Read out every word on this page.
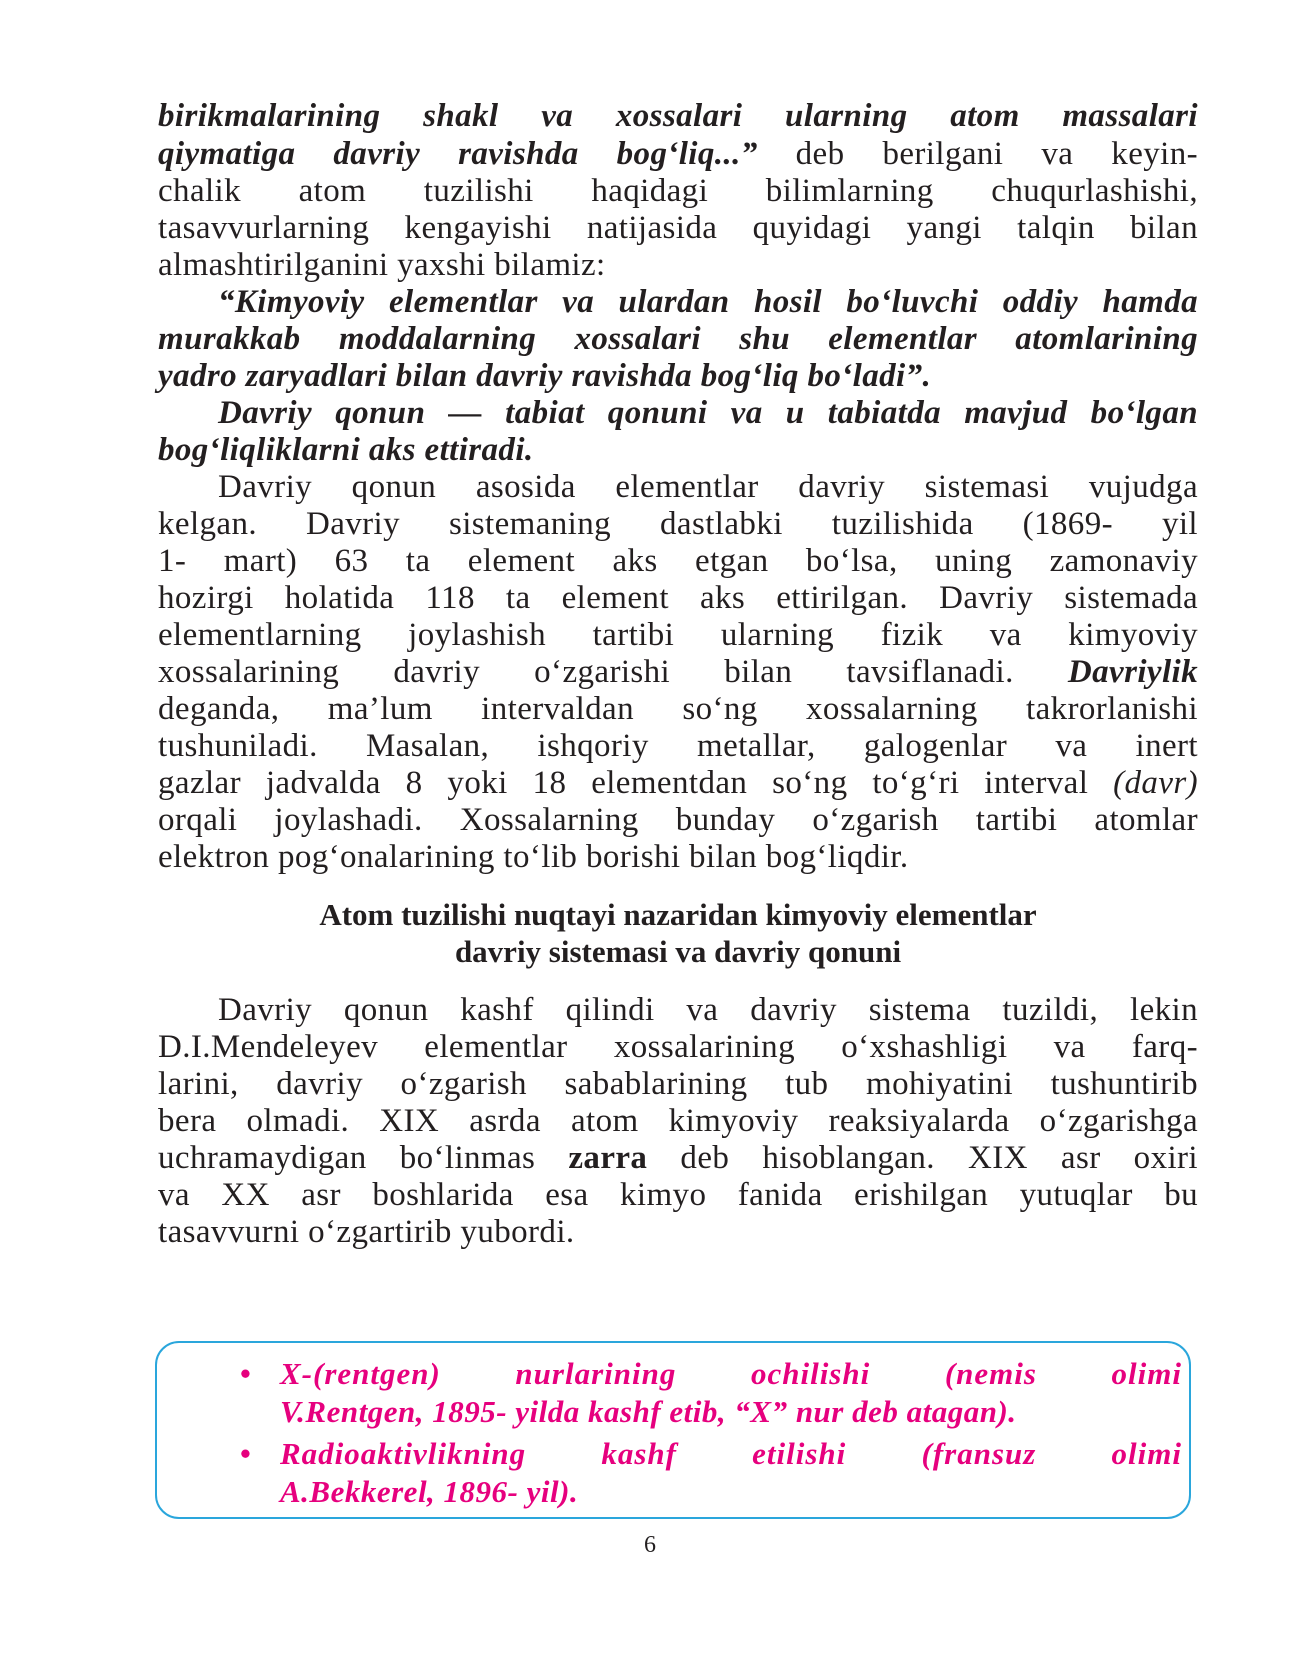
birikmalarining shakl va xossalari ularning atom massalari
qiymatiga davriy ravishda bog‘liq...” deb berilgani va keyin-
chalik atom tuzilishi haqidagi bilimlarning chuqurlashishi,
tasavvurlarning kengayishi natijasida quyidagi yangi talqin bilan
almashtirilganini yaxshi bilamiz:
“Kimyoviy elementlar va ulardan hosil bo‘luvchi oddiy hamda
murakkab moddalarning xossalari shu elementlar atomlarining
yadro zaryadlari bilan davriy ravishda bog‘liq bo‘ladi”.
Davriy qonun — tabiat qonuni va u tabiatda mavjud bo‘lgan
bog‘liqliklarni aks ettiradi.
Davriy qonun asosida elementlar davriy sistemasi vujudga
kelgan. Davriy sistemaning dastlabki tuzilishida (1869- yil
1- mart) 63 ta element aks etgan bo‘lsa, uning zamonaviy
hozirgi holatida 118 ta element aks ettirilgan. Davriy sistemada
elementlarning joylashish tartibi ularning fizik va kimyoviy
xossalarining davriy o‘zgarishi bilan tavsiflanadi. Davriylik
deganda, ma’lum intervaldan so‘ng xossalarning takrorlanishi
tushuniladi. Masalan, ishqoriy metallar, galogenlar va inert
gazlar jadvalda 8 yoki 18 elementdan so‘ng to‘g‘ri interval (davr)
orqali joylashadi. Xossalarning bunday o‘zgarish tartibi atomlar
elektron pog‘onalarining to‘lib borishi bilan bog‘liqdir.
Atom tuzilishi nuqtayi nazaridan kimyoviy elementlar
davriy sistemasi va davriy qonuni
Davriy qonun kashf qilindi va davriy sistema tuzildi, lekin
D.I.Mendeleyev elementlar xossalarining o‘xshashligi va farq-
larini, davriy o‘zgarish sabablarining tub mohiyatini tushuntirib
bera olmadi. XIX asrda atom kimyoviy reaksiyalarda o‘zgarishga
uchramaydigan bo‘linmas zarra deb hisoblangan. XIX asr oxiri
va XX asr boshlarida esa kimyo fanida erishilgan yutuqlar bu
tasavvurni o‘zgartirib yubordi.
• X-(rentgen) nurlarining ochilishi (nemis olimi
V.Rentgen, 1895- yilda kashf etib, “X” nur deb atagan).
• Radioaktivlikning kashf etilishi (fransuz olimi
A.Bekkerel, 1896- yil).
6
